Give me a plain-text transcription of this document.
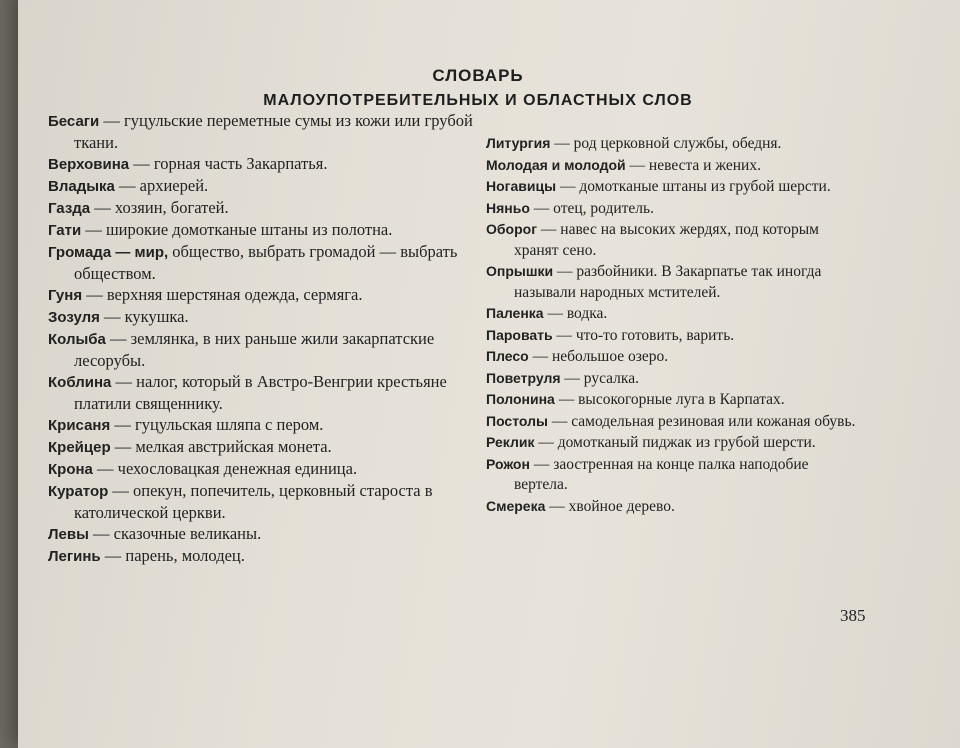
СЛОВАРЬ
МАЛОУПОТРЕБИТЕЛЬНЫХ И ОБЛАСТНЫХ СЛОВ
Бесаги — гуцульские переметные сумы из кожи или грубой ткани.
Верховина — горная часть Закарпатья.
Владыка — архиерей.
Газда — хозяин, богатей.
Гати — широкие домотканые штаны из полотна.
Громада — мир, общество, выбрать громадой — выбрать обществом.
Гуня — верхняя шерстяная одежда, сермяга.
Зозуля — кукушка.
Колыба — землянка, в них раньше жили закарпатские лесорубы.
Коблина — налог, который в Австро-Венгрии крестьяне платили священнику.
Крисаня — гуцульская шляпа с пером.
Крейцер — мелкая австрийская монета.
Крона — чехословацкая денежная единица.
Куратор — опекун, попечитель, церковный староста в католической церкви.
Левы — сказочные великаны.
Легинь — парень, молодец.
Литургия — род церковной службы, обедня.
Молодая и молодой — невеста и жених.
Ногавицы — домотканые штаны из грубой шерсти.
Няньо — отец, родитель.
Оборог — навес на высоких жердях, под которым хранят сено.
Опрышки — разбойники. В Закарпатье так иногда называли народных мстителей.
Паленка — водка.
Паровать — что-то готовить, варить.
Плесо — небольшое озеро.
Поветруля — русалка.
Полонина — высокогорные луга в Карпатах.
Постолы — самодельная резиновая или кожаная обувь.
Реклик — домотканый пиджак из грубой шерсти.
Рожон — заостренная на конце палка наподобие вертела.
Смерека — хвойное дерево.
385
